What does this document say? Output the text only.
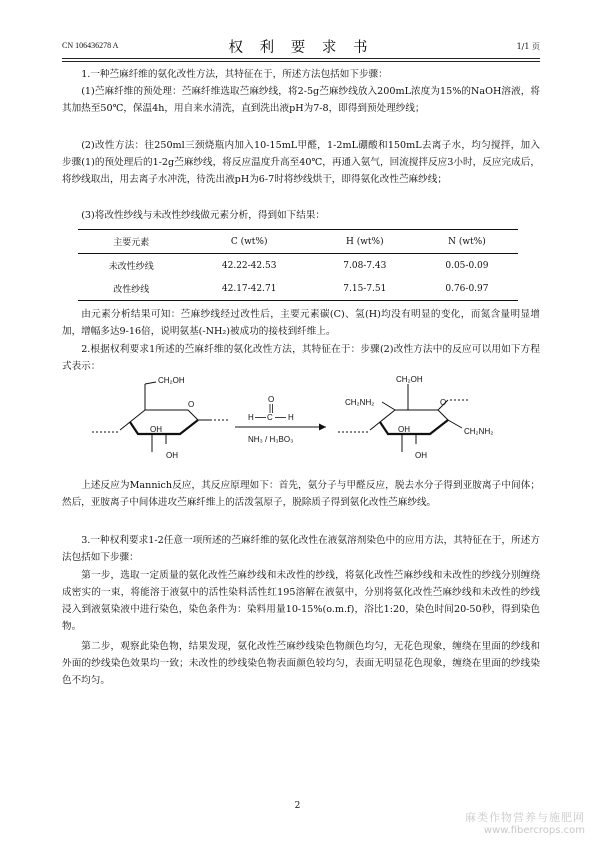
CN 106436278 A	权 利 要 求 书	1/1 页

1.一种苎麻纤维的氨化改性方法，其特征在于，所述方法包括如下步骤：

(1)苎麻纤维的预处理：苎麻纤维选取苎麻纱线，将2-5g苎麻纱线放入200mL浓度为15%的NaOH溶液，将其加热至50℃，保温4h，用自来水清洗，直到洗出液pH为7-8，即得到预处理纱线；

(2)改性方法：往250ml三颈烧瓶内加入10-15mL甲醛，1-2mL硼酸和150mL去离子水，均匀搅拌，加入步骤(1)的预处理后的1-2g苎麻纱线，将反应温度升高至40℃，再通入氨气，回流搅拌反应3小时，反应完成后，将纱线取出，用去离子水冲洗，待洗出液pH为6-7时将纱线烘干，即得氨化改性苎麻纱线；

(3)将改性纱线与未改性纱线做元素分析，得到如下结果：

主要元素	C (wt%)	H (wt%)	N (wt%)
未改性纱线	42.22-42.53	7.08-7.43	0.05-0.09
改性纱线	42.17-42.71	7.15-7.51	0.76-0.97

由元素分析结果可知：苎麻纱线经过改性后，主要元素碳(C)、氢(H)均没有明显的变化，而氮含量明显增加，增幅多达9-16倍，说明氨基(-NH₂)被成功的接枝到纤维上。

2.根据权利要求1所述的苎麻纤维的氨化改性方法，其特征在于：步骤(2)改性方法中的反应可以用如下方程式表示：

CH₂OH
O
OH
OH
O
H C H
NH₃ / H₃BO₃
CH₂OH
CH₂NH₂	O
OH
OH
CH₂NH₂

上述反应为Mannich反应，其反应原理如下：首先，氨分子与甲醛反应，脱去水分子得到亚胺离子中间体；然后，亚胺离子中间体进攻苎麻纤维上的活泼氢原子，脱除质子得到氨化改性苎麻纱线。

3.一种权利要求1-2任意一项所述的苎麻纤维的氨化改性在液氨溶剂染色中的应用方法，其特征在于，所述方法包括如下步骤：

第一步，选取一定质量的氨化改性苎麻纱线和未改性的纱线，将氨化改性苎麻纱线和未改性的纱线分别缠绕成密实的一束，将能溶于液氨中的活性染料活性红195溶解在液氨中，分别将氨化改性苎麻纱线和未改性的纱线浸入到液氨染液中进行染色，染色条件为：染料用量10-15%(o.m.f)，浴比1:20，染色时间20-50秒，得到染色物。

第二步，观察此染色物，结果发现，氨化改性苎麻纱线染色物颜色均匀，无花色现象，缠绕在里面的纱线和外面的纱线染色效果均一致；未改性的纱线染色物表面颜色较均匀，表面无明显花色现象，缠绕在里面的纱线染色不均匀。

2
麻类作物营养与施肥网
www.fibercrops.com
